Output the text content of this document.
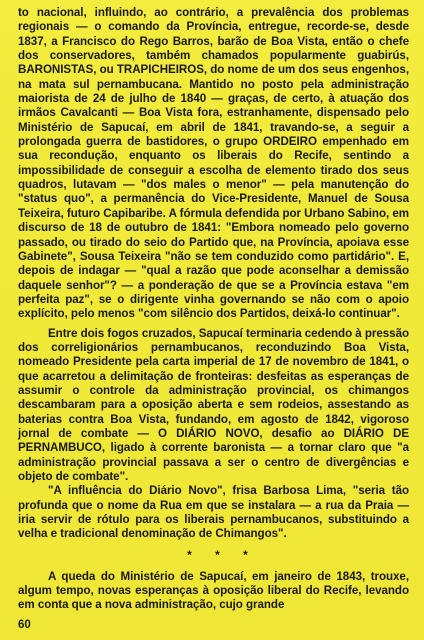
to nacional, influindo, ao contrário, a prevalência dos problemas regionais — o comando da Província, entregue, recorde-se, desde 1837, a Francisco do Rego Barros, barão de Boa Vista, então o chefe dos conservadores, também chamados popularmente guabirús, BARONISTAS, ou TRAPICHEIROS, do nome de um dos seus engenhos, na mata sul pernambucana. Mantido no posto pela administração maiorista de 24 de julho de 1840 — graças, de certo, à atuação dos irmãos Cavalcanti — Boa Vista fora, estranhamente, dispensado pelo Ministério de Sapucaí, em abril de 1841, travando-se, a seguir a prolongada guerra de bastidores, o grupo ORDEIRO empenhado em sua recondução, enquanto os liberais do Recife, sentindo a impossibilidade de conseguir a escolha de elemento tirado dos seus quadros, lutavam — "dos males o menor" — pela manutenção do "status quo", a permanência do Vice-Presidente, Manuel de Sousa Teixeira, futuro Capibaribe. A fórmula defendida por Urbano Sabino, em discurso de 18 de outubro de 1841: "Embora nomeado pelo governo passado, ou tirado do seio do Partido que, na Província, apoiava esse Gabinete", Sousa Teixeira "não se tem conduzido como partidário". E, depois de indagar — "qual a razão que pode aconselhar a demissão daquele senhor"? — a ponderação de que se a Província estava "em perfeita paz", se o dirigente vinha governando se não com o apoio explícito, pelo menos "com silêncio dos Partidos, deixá-lo continuar".

Entre dois fogos cruzados, Sapucaí terminaria cedendo à pressão dos correligionários pernambucanos, reconduzindo Boa Vista, nomeado Presidente pela carta imperial de 17 de novembro de 1841, o que acarretou a delimitação de fronteiras: desfeitas as esperanças de assumir o controle da administração provincial, os chimangos descambaram para a oposição aberta e sem rodeios, assestando as baterias contra Boa Vista, fundando, em agosto de 1842, vigoroso jornal de combate — O DIÁRIO NOVO, desafio ao DIÁRIO DE PERNAMBUCO, ligado à corrente baronista — a tornar claro que "a administração provincial passava a ser o centro de divergências e objeto de combate".

"A influência do Diário Novo", frisa Barbosa Lima, "seria tão profunda que o nome da Rua em que se instalara — a rua da Praia — iria servir de rótulo para os liberais pernambucanos, substituindo a velha e tradicional denominação de Chimangos".

* * *

A queda do Ministério de Sapucaí, em janeiro de 1843, trouxe, algum tempo, novas esperanças à oposição liberal do Recife, levando em conta que a nova administração, cujo grande

60
